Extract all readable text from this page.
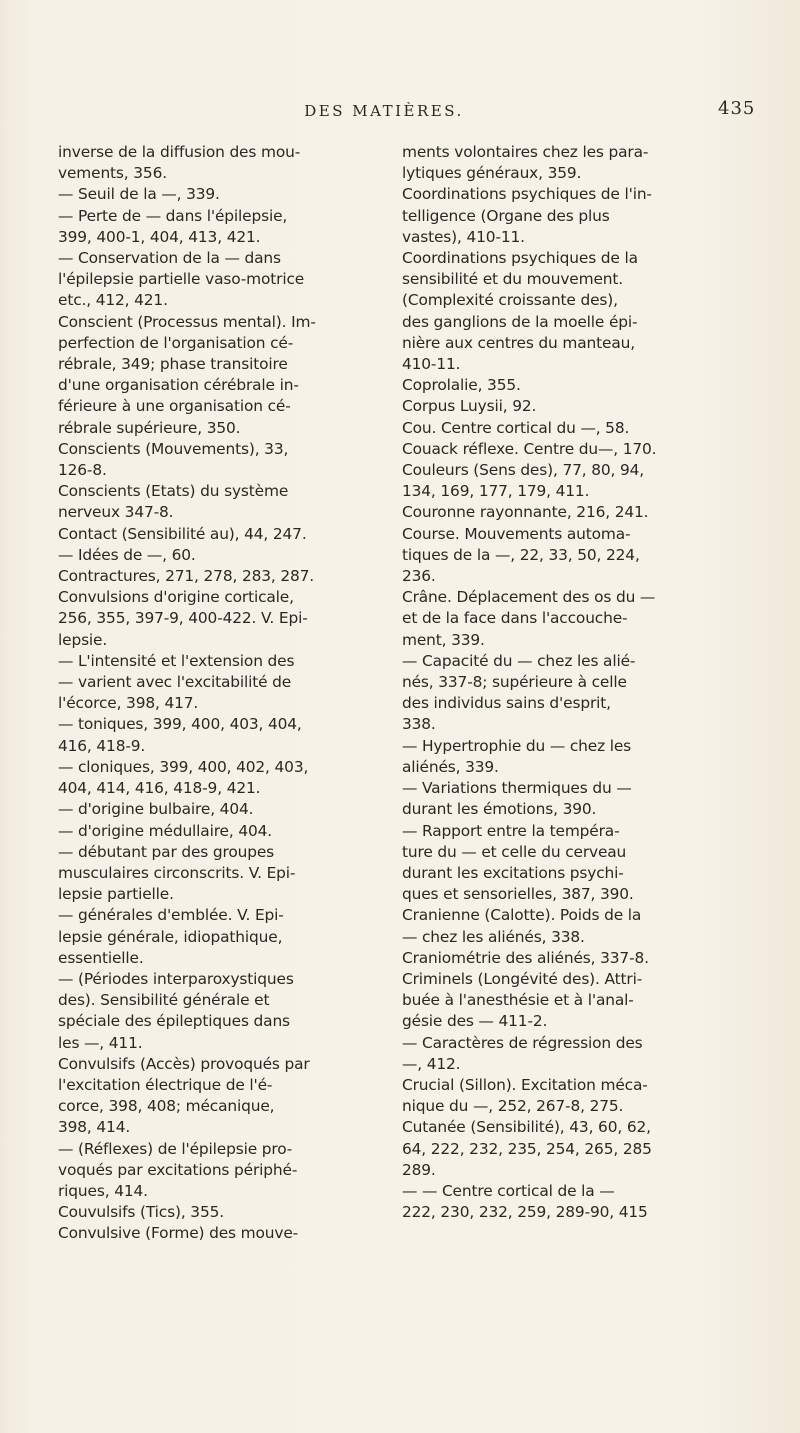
DES MATIÈRES.	435

inverse de la diffusion des mou-

vements, 356.

— Seuil de la —, 339.

— Perte de — dans l'épilepsie,

399, 400-1, 404, 413, 421.

— Conservation de la — dans

l'épilepsie partielle vaso-motrice

etc., 412, 421.

Conscient (Processus mental). Im-

perfection de l'organisation cé-

rébrale, 349; phase transitoire

d'une organisation cérébrale in-

férieure à une organisation cé-

rébrale supérieure, 350.

Conscients (Mouvements), 33,

126-8.

Conscients (Etats) du système

nerveux 347-8.

Contact (Sensibilité au), 44, 247.

— Idées de —, 60.

Contractures, 271, 278, 283, 287.

Convulsions d'origine corticale,

256, 355, 397-9, 400-422. V. Epi-

lepsie.

— L'intensité et l'extension des

— varient avec l'excitabilité de

l'écorce, 398, 417.

— toniques, 399, 400, 403, 404,

416, 418-9.

— cloniques, 399, 400, 402, 403,

404, 414, 416, 418-9, 421.

— d'origine bulbaire, 404.

— d'origine médullaire, 404.

— débutant par des groupes

musculaires circonscrits. V. Epi-

lepsie partielle.

— générales d'emblée. V. Epi-

lepsie générale, idiopathique,

essentielle.

— (Périodes interparoxystiques

des). Sensibilité générale et

spéciale des épileptiques dans

les —, 411.

Convulsifs (Accès) provoqués par

l'excitation électrique de l'é-

corce, 398, 408; mécanique,

398, 414.

— (Réflexes) de l'épilepsie pro-

voqués par excitations périphé-

riques, 414.

Couvulsifs (Tics), 355.

Convulsive (Forme) des mouve-

ments volontaires chez les para-

lytiques généraux, 359.

Coordinations psychiques de l'in-

telligence (Organe des plus

vastes), 410-11.

Coordinations psychiques de la

sensibilité et du mouvement.

(Complexité croissante des),

des ganglions de la moelle épi-

nière aux centres du manteau,

410-11.

Coprolalie, 355.

Corpus Luysii, 92.

Cou. Centre cortical du —, 58.

Couack réflexe. Centre du—, 170.

Couleurs (Sens des), 77, 80, 94,

134, 169, 177, 179, 411.

Couronne rayonnante, 216, 241.

Course. Mouvements automa-

tiques de la —, 22, 33, 50, 224,

236.

Crâne. Déplacement des os du —

et de la face dans l'accouche-

ment, 339.

— Capacité du — chez les alié-

nés, 337-8; supérieure à celle

des individus sains d'esprit,

338.

— Hypertrophie du — chez les

aliénés, 339.

— Variations thermiques du —

durant les émotions, 390.

— Rapport entre la tempéra-

ture du — et celle du cerveau

durant les excitations psychi-

ques et sensorielles, 387, 390.

Cranienne (Calotte). Poids de la

— chez les aliénés, 338.

Craniométrie des aliénés, 337-8.

Criminels (Longévité des). Attri-

buée à l'anesthésie et à l'anal-

gésie des — 411-2.

— Caractères de régression des

—, 412.

Crucial (Sillon). Excitation méca-

nique du —, 252, 267-8, 275.

Cutanée (Sensibilité), 43, 60, 62,

64, 222, 232, 235, 254, 265, 285

289.

— — Centre cortical de la —

222, 230, 232, 259, 289-90, 415
